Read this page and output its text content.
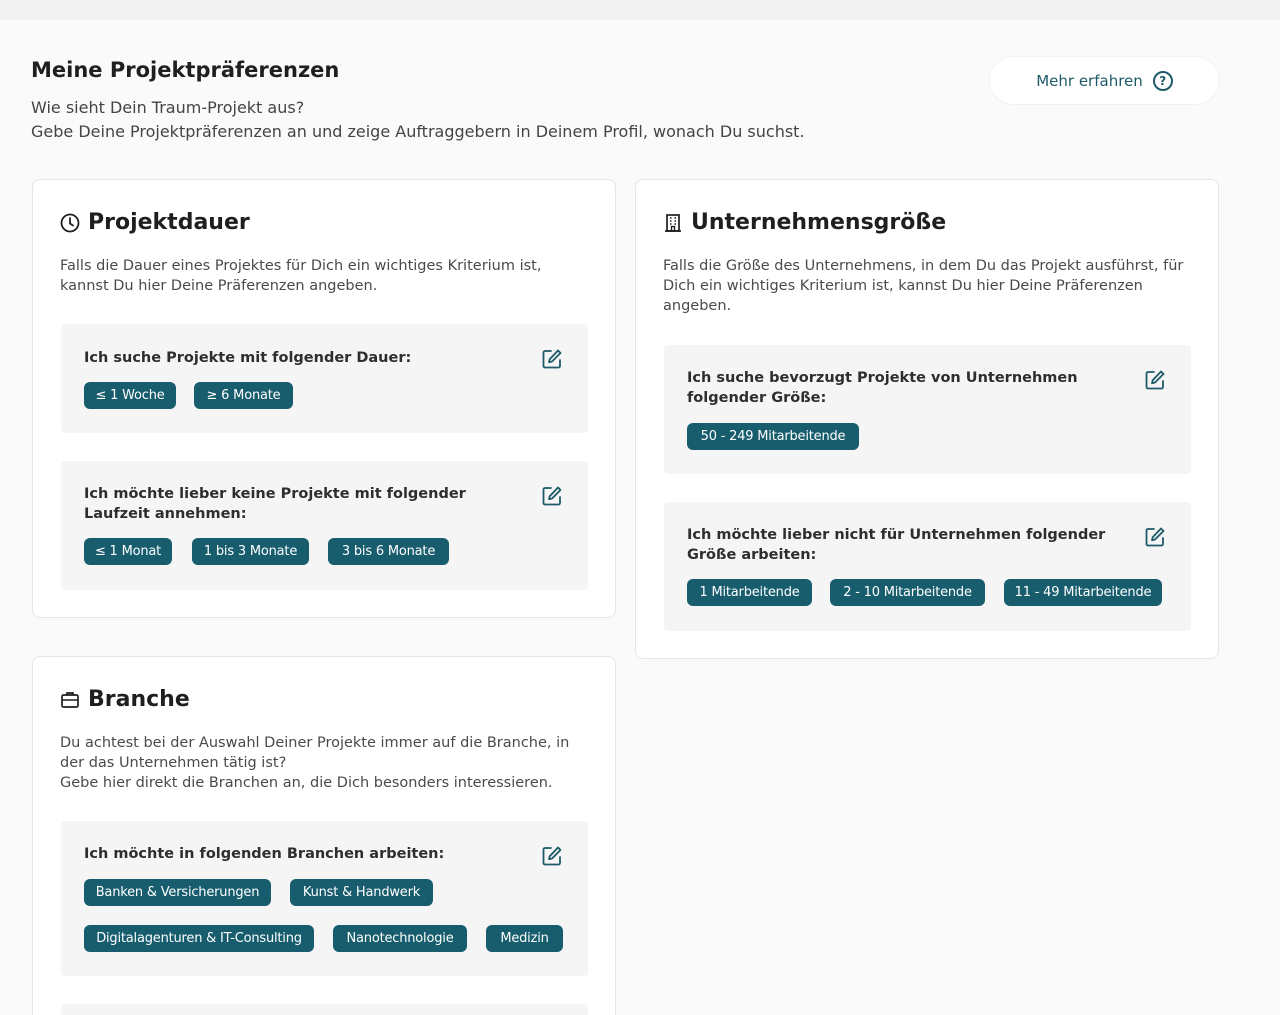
Meine Projektpräferenzen
Wie sieht Dein Traum-Projekt aus?
Gebe Deine Projektpräferenzen an und zeige Auftraggebern in Deinem Profil, wonach Du suchst.
Mehr erfahren	?
Projektdauer

Falls die Dauer eines Projektes für Dich ein wichtiges Kriterium ist, kannst Du hier Deine Präferenzen angeben.

Ich suche Projekte mit folgender Dauer:
≤ 1 Woche	≥ 6 Monate
Ich möchte lieber keine Projekte mit folgender Laufzeit annehmen:
≤ 1 Monat	1 bis 3 Monate	3 bis 6 Monate
Unternehmensgröße

Falls die Größe des Unternehmens, in dem Du das Projekt ausführst, für Dich ein wichtiges Kriterium ist, kannst Du hier Deine Präferenzen angeben.

Ich suche bevorzugt Projekte von Unternehmen folgender Größe:
50 - 249 Mitarbeitende
Ich möchte lieber nicht für Unternehmen folgender Größe arbeiten:
1 Mitarbeitende	2 - 10 Mitarbeitende	11 - 49 Mitarbeitende
Branche

Du achtest bei der Auswahl Deiner Projekte immer auf die Branche, in der das Unternehmen tätig ist?

Gebe hier direkt die Branchen an, die Dich besonders interessieren.

Ich möchte in folgenden Branchen arbeiten:
Banken & Versicherungen	Kunst & Handwerk
Digitalagenturen & IT-Consulting	Nanotechnologie	Medizin
